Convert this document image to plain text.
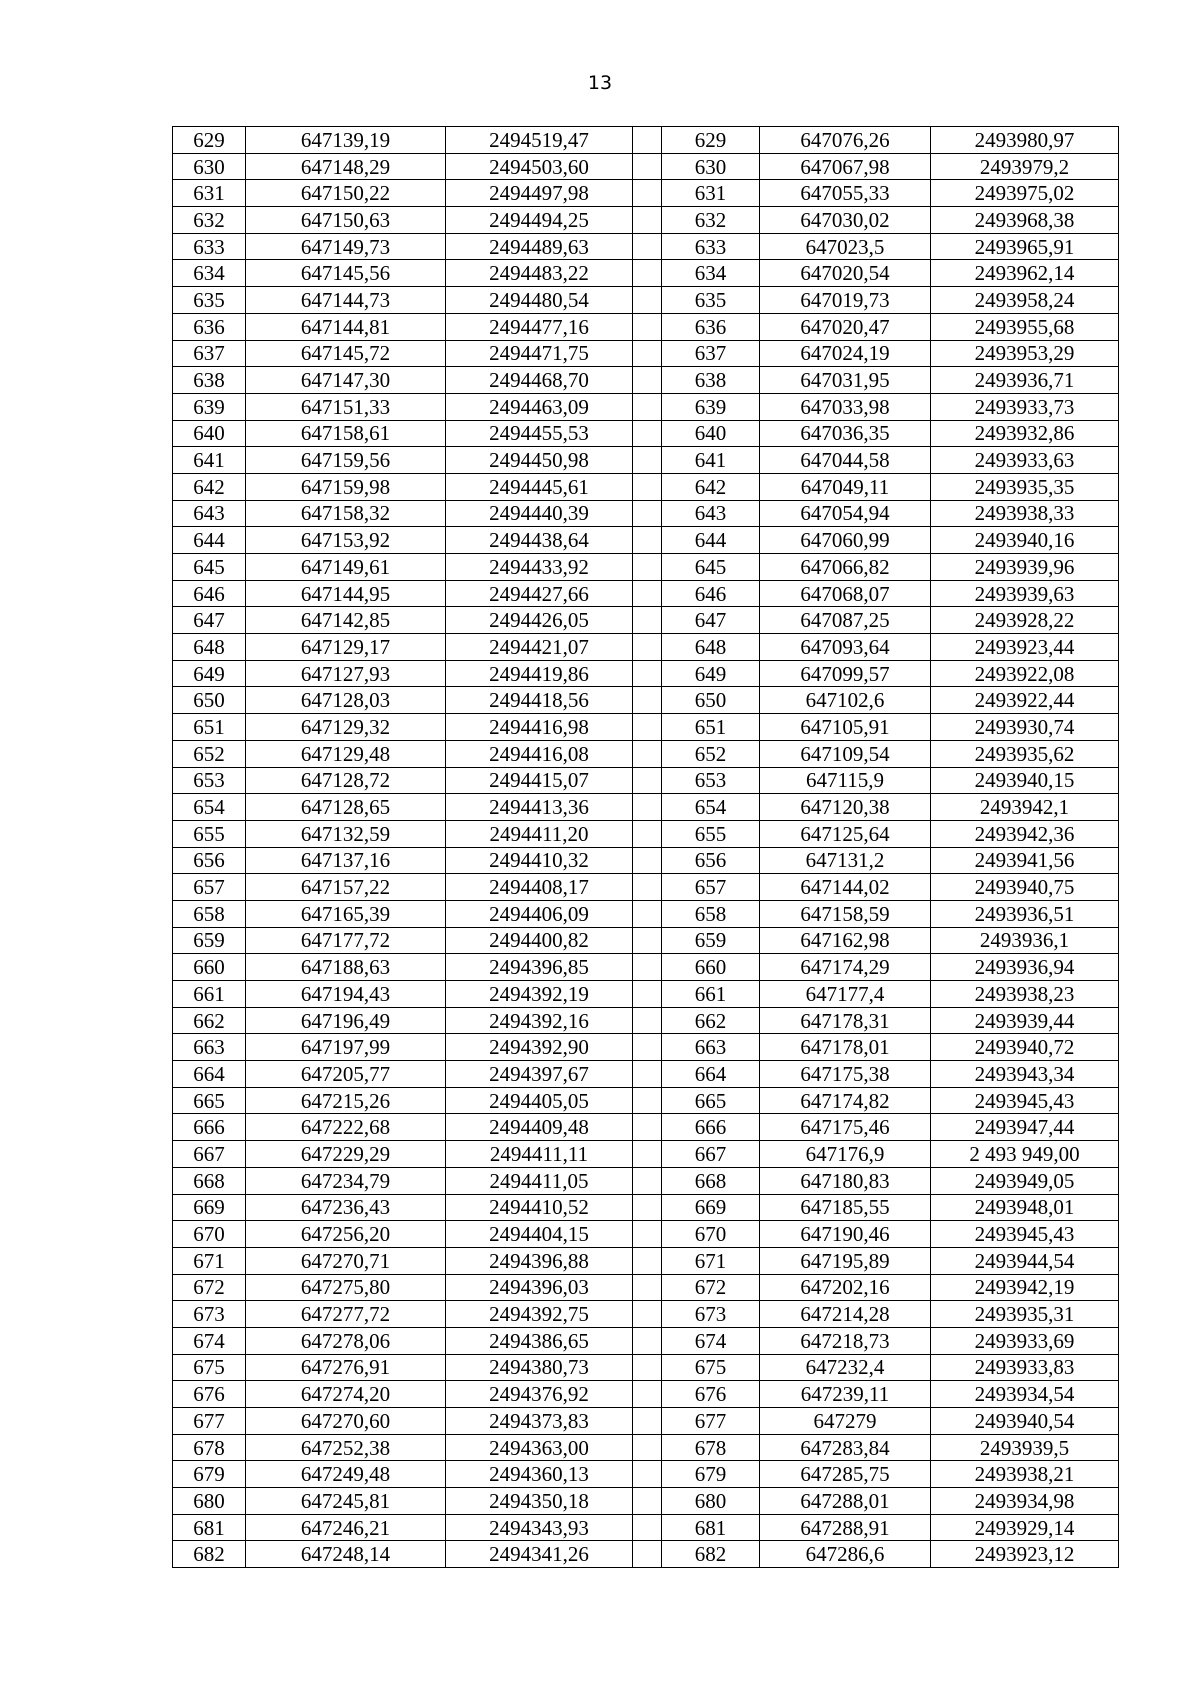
13
629	647139,19	2494519,47		629	647076,26	2493980,97
630	647148,29	2494503,60		630	647067,98	2493979,2
631	647150,22	2494497,98		631	647055,33	2493975,02
632	647150,63	2494494,25		632	647030,02	2493968,38
633	647149,73	2494489,63		633	647023,5	2493965,91
634	647145,56	2494483,22		634	647020,54	2493962,14
635	647144,73	2494480,54		635	647019,73	2493958,24
636	647144,81	2494477,16		636	647020,47	2493955,68
637	647145,72	2494471,75		637	647024,19	2493953,29
638	647147,30	2494468,70		638	647031,95	2493936,71
639	647151,33	2494463,09		639	647033,98	2493933,73
640	647158,61	2494455,53		640	647036,35	2493932,86
641	647159,56	2494450,98		641	647044,58	2493933,63
642	647159,98	2494445,61		642	647049,11	2493935,35
643	647158,32	2494440,39		643	647054,94	2493938,33
644	647153,92	2494438,64		644	647060,99	2493940,16
645	647149,61	2494433,92		645	647066,82	2493939,96
646	647144,95	2494427,66		646	647068,07	2493939,63
647	647142,85	2494426,05		647	647087,25	2493928,22
648	647129,17	2494421,07		648	647093,64	2493923,44
649	647127,93	2494419,86		649	647099,57	2493922,08
650	647128,03	2494418,56		650	647102,6	2493922,44
651	647129,32	2494416,98		651	647105,91	2493930,74
652	647129,48	2494416,08		652	647109,54	2493935,62
653	647128,72	2494415,07		653	647115,9	2493940,15
654	647128,65	2494413,36		654	647120,38	2493942,1
655	647132,59	2494411,20		655	647125,64	2493942,36
656	647137,16	2494410,32		656	647131,2	2493941,56
657	647157,22	2494408,17		657	647144,02	2493940,75
658	647165,39	2494406,09		658	647158,59	2493936,51
659	647177,72	2494400,82		659	647162,98	2493936,1
660	647188,63	2494396,85		660	647174,29	2493936,94
661	647194,43	2494392,19		661	647177,4	2493938,23
662	647196,49	2494392,16		662	647178,31	2493939,44
663	647197,99	2494392,90		663	647178,01	2493940,72
664	647205,77	2494397,67		664	647175,38	2493943,34
665	647215,26	2494405,05		665	647174,82	2493945,43
666	647222,68	2494409,48		666	647175,46	2493947,44
667	647229,29	2494411,11		667	647176,9	2 493 949,00
668	647234,79	2494411,05		668	647180,83	2493949,05
669	647236,43	2494410,52		669	647185,55	2493948,01
670	647256,20	2494404,15		670	647190,46	2493945,43
671	647270,71	2494396,88		671	647195,89	2493944,54
672	647275,80	2494396,03		672	647202,16	2493942,19
673	647277,72	2494392,75		673	647214,28	2493935,31
674	647278,06	2494386,65		674	647218,73	2493933,69
675	647276,91	2494380,73		675	647232,4	2493933,83
676	647274,20	2494376,92		676	647239,11	2493934,54
677	647270,60	2494373,83		677	647279	2493940,54
678	647252,38	2494363,00		678	647283,84	2493939,5
679	647249,48	2494360,13		679	647285,75	2493938,21
680	647245,81	2494350,18		680	647288,01	2493934,98
681	647246,21	2494343,93		681	647288,91	2493929,14
682	647248,14	2494341,26		682	647286,6	2493923,12
